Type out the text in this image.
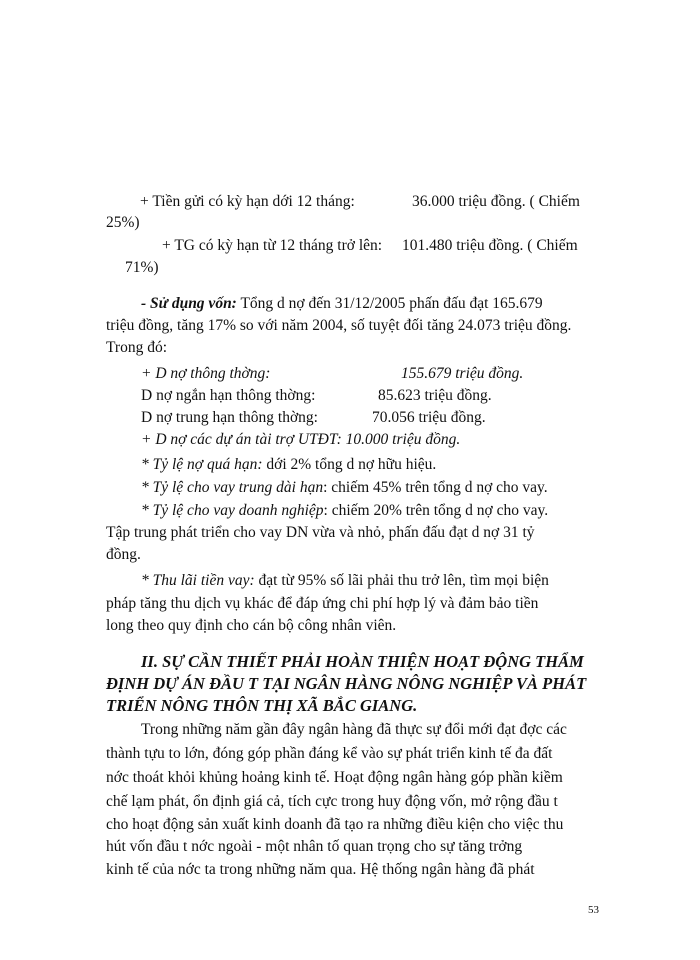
+ Tiền gửi có kỳ hạn dới 12 tháng:	36.000 triệu đồng. ( Chiếm
25%)
+ TG có kỳ hạn từ 12 tháng trở lên: 101.480 triệu đồng. ( Chiếm
71%)
- Sử dụng vốn: Tổng d nợ đến 31/12/2005 phấn đấu đạt 165.679
triệu đồng, tăng 17% so với năm 2004, số tuyệt đối tăng 24.073 triệu đồng.
Trong đó:
+ D nợ thông thờng:	155.679 triệu đồng.
D nợ ngắn hạn thông thờng:	85.623 triệu đồng.
D nợ trung hạn thông thờng:	70.056 triệu đồng.
+ D nợ các dự án tài trợ UTĐT: 10.000 triệu đồng.
* Tỷ lệ nợ quá hạn: dới 2% tổng d nợ hữu hiệu.
* Tỷ lệ cho vay trung dài hạn: chiếm 45% trên tổng d nợ cho vay.
* Tỷ lệ cho vay doanh nghiệp: chiếm 20% trên tổng d nợ cho vay.
Tập trung phát triển cho vay DN vừa và nhỏ, phấn đấu đạt d nợ 31 tỷ
đồng.
* Thu lãi tiền vay: đạt từ 95% số lãi phải thu trở lên, tìm mọi biện
pháp tăng thu dịch vụ khác để đáp ứng chi phí hợp lý và đảm bảo tiền
long theo quy định cho cán bộ công nhân viên.
II. SỰ CẦN THIẾT PHẢI HOÀN THIỆN HOẠT ĐỘNG THẨM
ĐỊNH DỰ ÁN ĐẦU T TẠI NGÂN HÀNG NÔNG NGHIỆP VÀ PHÁT
TRIỂN NÔNG THÔN THỊ XÃ BẮC GIANG.
Trong những năm gần đây ngân hàng đã thực sự đổi mới đạt đợc các
thành tựu to lớn, đóng góp phần đáng kể vào sự phát triển kinh tế đa đất
nớc thoát khỏi khủng hoảng kinh tế. Hoạt động ngân hàng góp phần kiềm
chế lạm phát, ổn định giá cả, tích cực trong huy động vốn, mở rộng đầu t
cho hoạt động sản xuất kinh doanh đã tạo ra những điều kiện cho việc thu
hút vốn đầu t nớc ngoài - một nhân tố quan trọng cho sự tăng trởng
kinh tế của nớc ta trong những năm qua. Hệ thống ngân hàng đã phát
53
